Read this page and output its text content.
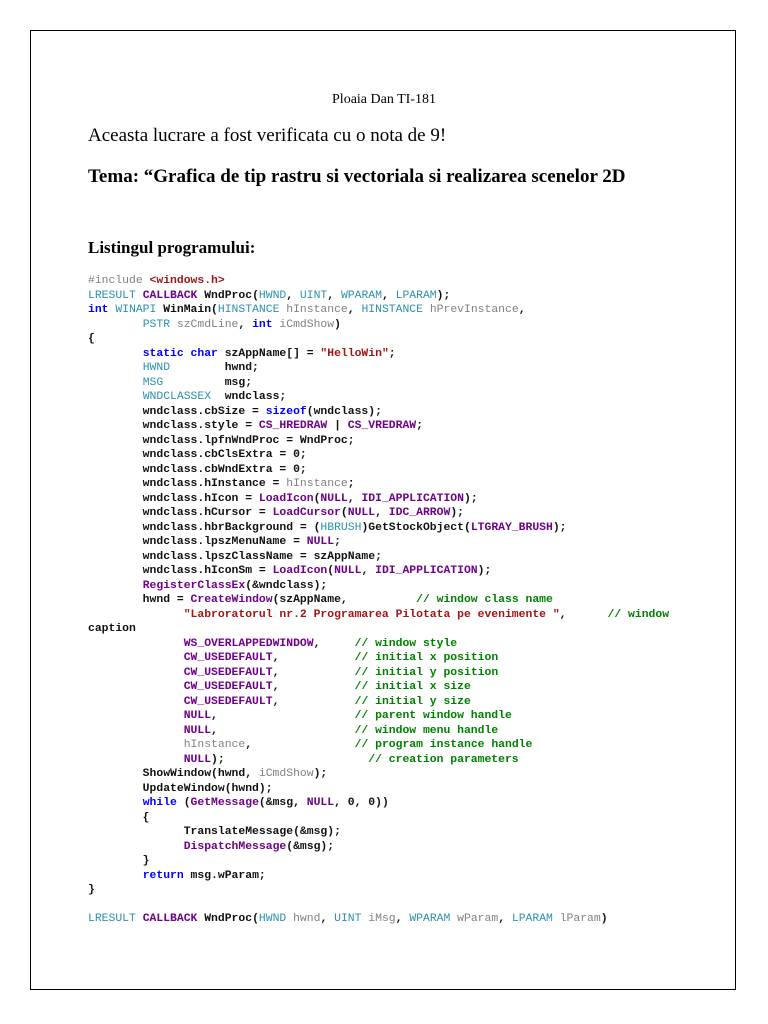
Ploaia Dan TI-181
Aceasta lucrare a fost verificata cu o nota de 9!
Tema: “Grafica de tip rastru si vectoriala si realizarea scenelor 2D
Listingul programului:
#include <windows.h>
LRESULT CALLBACK WndProc(HWND, UINT, WPARAM, LPARAM);
int WINAPI WinMain(HINSTANCE hInstance, HINSTANCE hPrevInstance,
PSTR szCmdLine, int iCmdShow)
{
static char szAppName[] = "HelloWin";
HWND        hwnd;
MSG         msg;
WNDCLASSEX  wndclass;
wndclass.cbSize = sizeof(wndclass);
wndclass.style = CS_HREDRAW | CS_VREDRAW;
wndclass.lpfnWndProc = WndProc;
wndclass.cbClsExtra = 0;
wndclass.cbWndExtra = 0;
wndclass.hInstance = hInstance;
wndclass.hIcon = LoadIcon(NULL, IDI_APPLICATION);
wndclass.hCursor = LoadCursor(NULL, IDC_ARROW);
wndclass.hbrBackground = (HBRUSH)GetStockObject(LTGRAY_BRUSH);
wndclass.lpszMenuName = NULL;
wndclass.lpszClassName = szAppName;
wndclass.hIconSm = LoadIcon(NULL, IDI_APPLICATION);
RegisterClassEx(&wndclass);
hwnd = CreateWindow(szAppName,          // window class name
"Labroratorul nr.2 Programarea Pilotata pe evenimente ",      // window
caption
WS_OVERLAPPEDWINDOW,     // window style
CW_USEDEFAULT,           // initial x position
CW_USEDEFAULT,           // initial y position
CW_USEDEFAULT,           // initial x size
CW_USEDEFAULT,           // initial y size
NULL,                    // parent window handle
NULL,                    // window menu handle
hInstance,               // program instance handle
NULL);                     // creation parameters
ShowWindow(hwnd, iCmdShow);
UpdateWindow(hwnd);
while (GetMessage(&msg, NULL, 0, 0))
{
TranslateMessage(&msg);
DispatchMessage(&msg);
}
return msg.wParam;
}
LRESULT CALLBACK WndProc(HWND hwnd, UINT iMsg, WPARAM wParam, LPARAM lParam)
